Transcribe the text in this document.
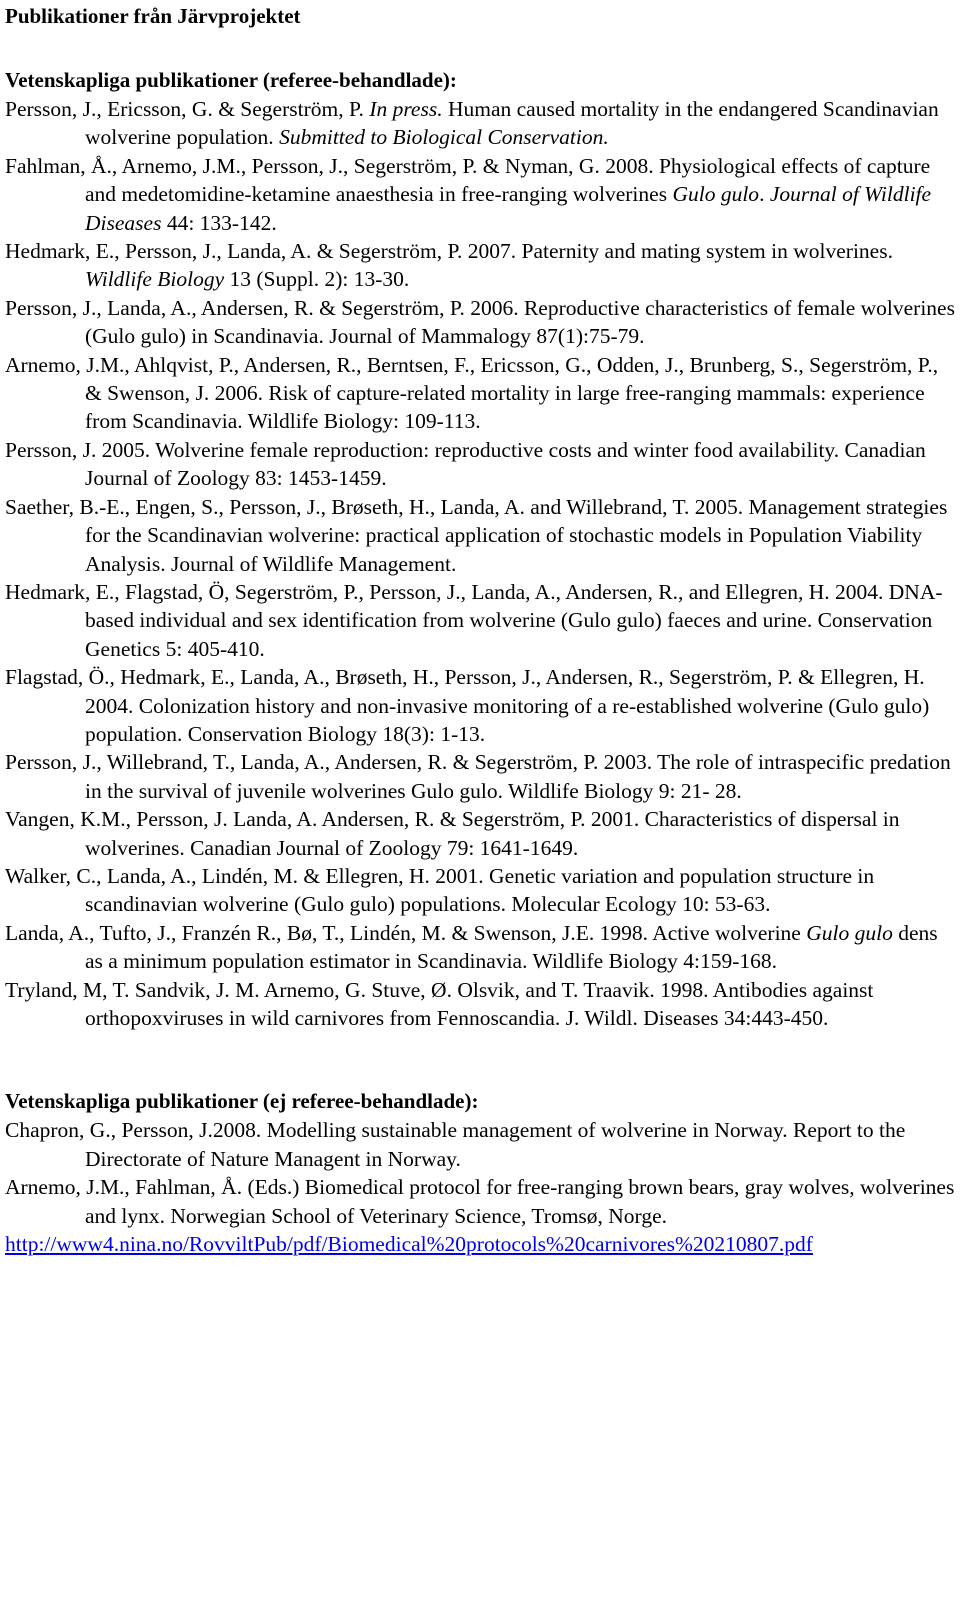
Publikationer från Järvprojektet
Vetenskapliga publikationer (referee-behandlade):
Persson, J., Ericsson, G. & Segerström, P. In press. Human caused mortality in the endangered Scandinavian wolverine population. Submitted to Biological Conservation.
Fahlman, Å., Arnemo, J.M., Persson, J., Segerström, P. & Nyman, G. 2008. Physiological effects of capture and medetomidine-ketamine anaesthesia in free-ranging wolverines Gulo gulo. Journal of Wildlife Diseases 44: 133-142.
Hedmark, E., Persson, J., Landa, A. & Segerström, P. 2007. Paternity and mating system in wolverines. Wildlife Biology 13 (Suppl. 2): 13-30.
Persson, J., Landa, A., Andersen, R. & Segerström, P. 2006. Reproductive characteristics of female wolverines (Gulo gulo) in Scandinavia. Journal of Mammalogy 87(1):75-79.
Arnemo, J.M., Ahlqvist, P., Andersen, R., Berntsen, F., Ericsson, G., Odden, J., Brunberg, S., Segerström, P., & Swenson, J. 2006. Risk of capture-related mortality in large free-ranging mammals: experience from Scandinavia. Wildlife Biology: 109-113.
Persson, J. 2005. Wolverine female reproduction: reproductive costs and winter food availability. Canadian Journal of Zoology 83: 1453-1459.
Saether, B.-E., Engen, S., Persson, J., Brøseth, H., Landa, A. and Willebrand, T. 2005. Management strategies for the Scandinavian wolverine: practical application of stochastic models in Population Viability Analysis. Journal of Wildlife Management.
Hedmark, E., Flagstad, Ö, Segerström, P., Persson, J., Landa, A., Andersen, R., and Ellegren, H. 2004. DNA-based individual and sex identification from wolverine (Gulo gulo) faeces and urine. Conservation Genetics 5: 405-410.
Flagstad, Ö., Hedmark, E., Landa, A., Brøseth, H., Persson, J., Andersen, R., Segerström, P. & Ellegren, H. 2004. Colonization history and non-invasive monitoring of a re-established wolverine (Gulo gulo) population. Conservation Biology 18(3): 1-13.
Persson, J., Willebrand, T., Landa, A., Andersen, R. & Segerström, P. 2003. The role of intraspecific predation in the survival of juvenile wolverines Gulo gulo. Wildlife Biology 9: 21- 28.
Vangen, K.M., Persson, J. Landa, A. Andersen, R. & Segerström, P. 2001. Characteristics of dispersal in wolverines. Canadian Journal of Zoology 79: 1641-1649.
Walker, C., Landa, A., Lindén, M. & Ellegren, H. 2001. Genetic variation and population structure in scandinavian wolverine (Gulo gulo) populations. Molecular Ecology 10: 53-63.
Landa, A., Tufto, J., Franzén R., Bø, T., Lindén, M. & Swenson, J.E. 1998. Active wolverine Gulo gulo dens as a minimum population estimator in Scandinavia. Wildlife Biology 4:159-168.
Tryland, M, T. Sandvik, J. M. Arnemo, G. Stuve, Ø. Olsvik, and T. Traavik. 1998. Antibodies against orthopoxviruses in wild carnivores from Fennoscandia. J. Wildl. Diseases 34:443-450.
Vetenskapliga publikationer (ej referee-behandlade):
Chapron, G., Persson, J.2008. Modelling sustainable management of wolverine in Norway. Report to the Directorate of Nature Managent in Norway.
Arnemo, J.M., Fahlman, Å. (Eds.) Biomedical protocol for free-ranging brown bears, gray wolves, wolverines and lynx. Norwegian School of Veterinary Science, Tromsø, Norge.
http://www4.nina.no/RovviltPub/pdf/Biomedical%20protocols%20carnivores%20210807.pdf
